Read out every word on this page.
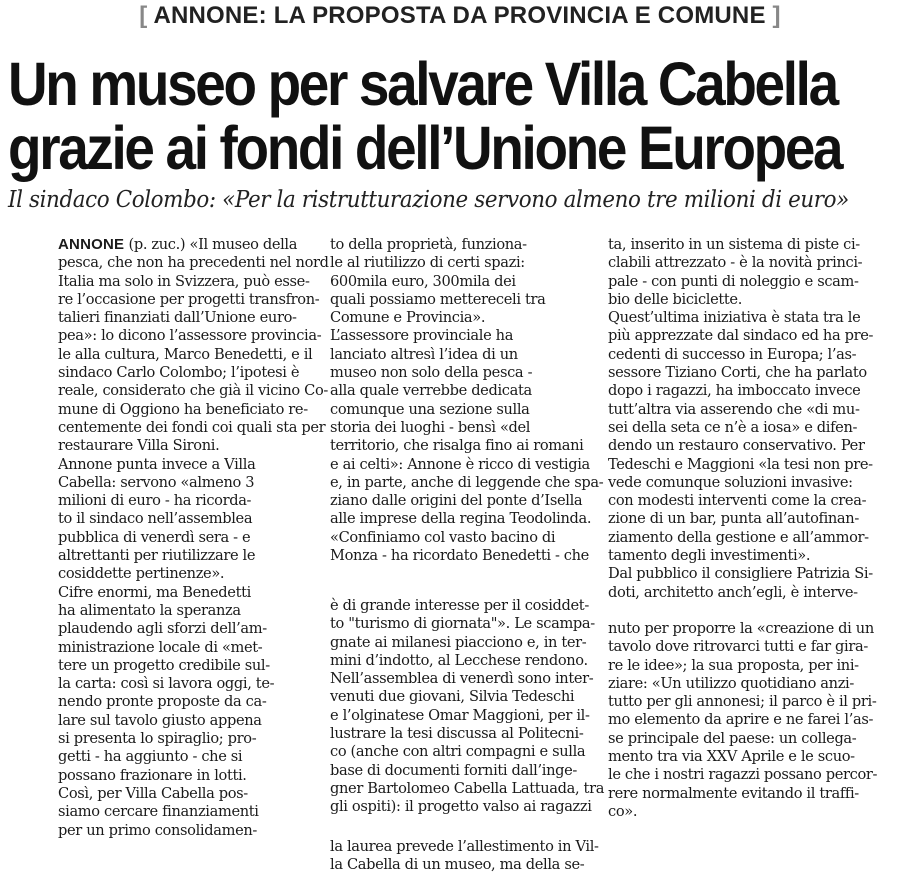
[ ANNONE: LA PROPOSTA DA PROVINCIA E COMUNE ]
Un museo per salvare Villa Cabella
grazie ai fondi dell’Unione Europea
Il sindaco Colombo: «Per la ristrutturazione servono almeno tre milioni di euro»
ANNONE (p. zuc.) «Il museo della
pesca, che non ha precedenti nel nord
Italia ma solo in Svizzera, può esse-
re l’occasione per progetti transfron-
talieri finanziati dall’Unione euro-
pea»: lo dicono l’assessore provincia-
le alla cultura, Marco Benedetti, e il
sindaco Carlo Colombo; l’ipotesi è
reale, considerato che già il vicino Co-
mune di Oggiono ha beneficiato re-
centemente dei fondi coi quali sta per
restaurare Villa Sironi.
Annone punta invece a Villa
Cabella: servono «almeno 3
milioni di euro - ha ricorda-
to il sindaco nell’assemblea
pubblica di venerdì sera - e
altrettanti per riutilizzare le
cosiddette pertinenze».
Cifre enormi, ma Benedetti
ha alimentato la speranza
plaudendo agli sforzi dell’am-
ministrazione locale di «met-
tere un progetto credibile sul-
la carta: così si lavora oggi, te-
nendo pronte proposte da ca-
lare sul tavolo giusto appena
si presenta lo spiraglio; pro-
getti - ha aggiunto - che si
possano frazionare in lotti.
Così, per Villa Cabella pos-
siamo cercare finanziamenti
per un primo consolidamen-
to della proprietà, funziona-
le al riutilizzo di certi spazi:
600mila euro, 300mila dei
quali possiamo mettereceli tra
Comune e Provincia».
L’assessore provinciale ha
lanciato altresì l’idea di un
museo non solo della pesca -
alla quale verrebbe dedicata
comunque una sezione sulla
storia dei luoghi - bensì «del
territorio, che risalga fino ai romani
e ai celti»: Annone è ricco di vestigia
e, in parte, anche di leggende che spa-
ziano dalle origini del ponte d’Isella
alle imprese della regina Teodolinda.
«Confiniamo col vasto bacino di
Monza - ha ricordato Benedetti - che
è di grande interesse per il cosiddet-
to "turismo di giornata"». Le scampa-
gnate ai milanesi piacciono e, in ter-
mini d’indotto, al Lecchese rendono.
Nell’assemblea di venerdì sono inter-
venuti due giovani, Silvia Tedeschi
e l’olginatese Omar Maggioni, per il-
lustrare la tesi discussa al Politecni-
co (anche con altri compagni e sulla
base di documenti forniti dall’inge-
gner Bartolomeo Cabella Lattuada, tra
gli ospiti): il progetto valso ai ragazzi
la laurea prevede l’allestimento in Vil-
la Cabella di un museo, ma della se-
ta, inserito in un sistema di piste ci-
clabili attrezzato - è la novità princi-
pale - con punti di noleggio e scam-
bio delle biciclette.
Quest’ultima iniziativa è stata tra le
più apprezzate dal sindaco ed ha pre-
cedenti di successo in Europa; l’as-
sessore Tiziano Corti, che ha parlato
dopo i ragazzi, ha imboccato invece
tutt’altra via asserendo che «di mu-
sei della seta ce n’è a iosa» e difen-
dendo un restauro conservativo. Per
Tedeschi e Maggioni «la tesi non pre-
vede comunque soluzioni invasive:
con modesti interventi come la crea-
zione di un bar, punta all’autofinan-
ziamento della gestione e all’ammor-
tamento degli investimenti».
Dal pubblico il consigliere Patrizia Si-
doti, architetto anch’egli, è interve-
nuto per proporre la «creazione di un
tavolo dove ritrovarci tutti e far gira-
re le idee»; la sua proposta, per ini-
ziare: «Un utilizzo quotidiano anzi-
tutto per gli annonesi; il parco è il pri-
mo elemento da aprire e ne farei l’as-
se principale del paese: un collega-
mento tra via XXV Aprile e le scuo-
le che i nostri ragazzi possano percor-
rere normalmente evitando il traffi-
co».
